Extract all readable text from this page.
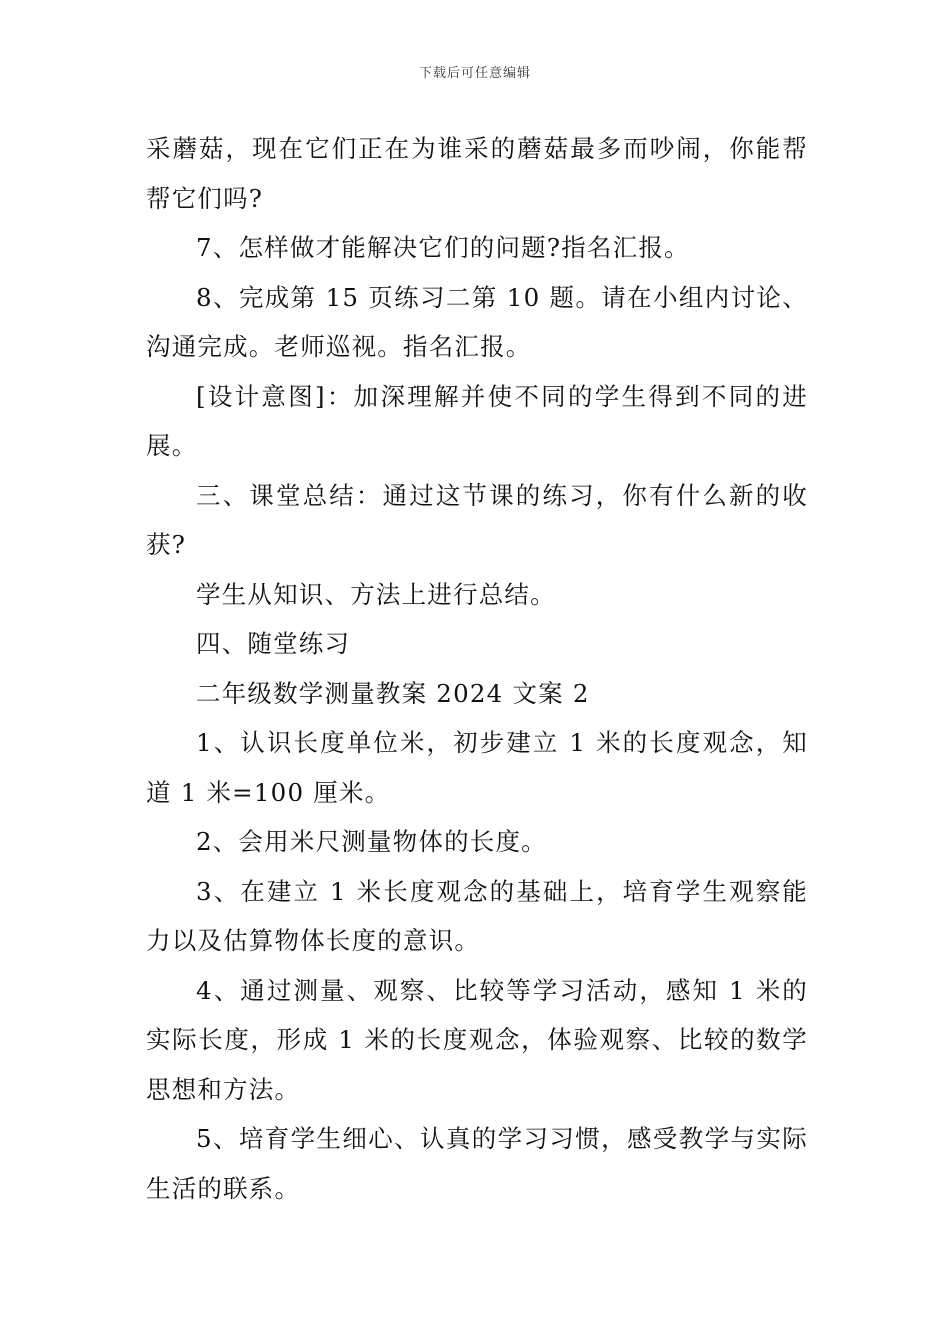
下载后可任意编辑

采蘑菇，现在它们正在为谁采的蘑菇最多而吵闹，你能帮帮它们吗?

7、怎样做才能解决它们的问题?指名汇报。

8、完成第 15 页练习二第 10 题。请在小组内讨论、沟通完成。老师巡视。指名汇报。

[设计意图]：加深理解并使不同的学生得到不同的进展。

三、课堂总结：通过这节课的练习，你有什么新的收获?

学生从知识、方法上进行总结。

四、随堂练习

二年级数学测量教案 2024 文案 2

1、认识长度单位米，初步建立 1 米的长度观念，知道 1 米=100 厘米。

2、会用米尺测量物体的长度。

3、在建立 1 米长度观念的基础上，培育学生观察能力以及估算物体长度的意识。

4、通过测量、观察、比较等学习活动，感知 1 米的实际长度，形成 1 米的长度观念，体验观察、比较的数学思想和方法。

5、培育学生细心、认真的学习习惯，感受教学与实际生活的联系。
